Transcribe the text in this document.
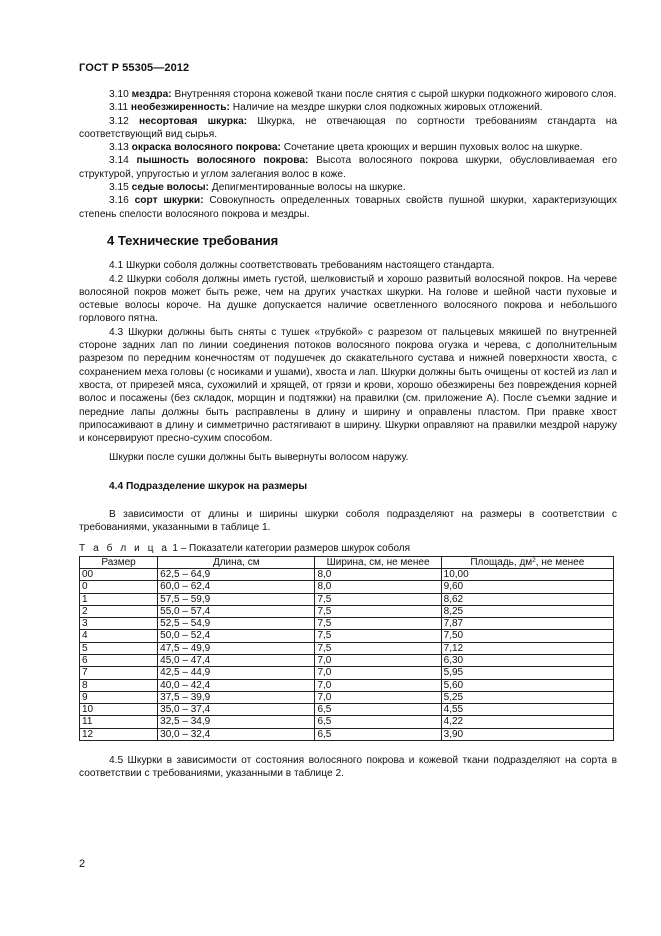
ГОСТ Р 55305—2012

3.10 мездра: Внутренняя сторона кожевой ткани после снятия с сырой шкурки подкожного жирового слоя.

3.11 необезжиренность: Наличие на мездре шкурки слоя подкожных жировых отложений.

3.12 несортовая шкурка: Шкурка, не отвечающая по сортности требованиям стандарта на соответствующий вид сырья.

3.13 окраска волосяного покрова: Сочетание цвета кроющих и вершин пуховых волос на шкурке.

3.14 пышность волосяного покрова: Высота волосяного покрова шкурки, обусловливаемая его структурой, упругостью и углом залегания волос в коже.

3.15 седые волосы: Депигментированные волосы на шкурке.

3.16 сорт шкурки: Совокупность определенных товарных свойств пушной шкурки, характеризующих степень спелости волосяного покрова и мездры.

4 Технические требования

4.1 Шкурки соболя должны соответствовать требованиям настоящего стандарта.

4.2 Шкурки соболя должны иметь густой, шелковистый и хорошо развитый волосяной покров. На череве волосяной покров может быть реже, чем на других участках шкурки. На голове и шейной части пуховые и остевые волосы короче. На душке допускается наличие осветленного волосяного покрова и небольшого горлового пятна.

4.3 Шкурки должны быть сняты с тушек «трубкой» с разрезом от пальцевых мякишей по внутренней стороне задних лап по линии соединения потоков волосяного покрова огузка и черева, с дополнительным разрезом по передним конечностям от подушечек до скакательного сустава и нижней поверхности хвоста, с сохранением меха головы (с носиками и ушами), хвоста и лап. Шкурки должны быть очищены от костей из лап и хвоста, от прирезей мяса, сухожилий и хрящей, от грязи и крови, хорошо обезжирены без повреждения корней волос и посажены (без складок, морщин и подтяжки) на правилки (см. приложение А). После съемки задние и передние лапы должны быть расправлены в длину и ширину и оправлены пластом. При правке хвост припосаживают в длину и симметрично растягивают в ширину. Шкурки оправляют на правилки мездрой наружу и консервируют пресно-сухим способом.

Шкурки после сушки должны быть вывернуты волосом наружу.

4.4 Подразделение шкурок на размеры

В зависимости от длины и ширины шкурки соболя подразделяют на размеры в соответствии с требованиями, указанными в таблице 1.

Т а б л и ц а 1 – Показатели категории размеров шкурок соболя
Размер	Длина, см	Ширина, см, не менее	Площадь, $дм^2$, не менее
00	62,5 – 64,9	8,0	10,00
0	60,0 – 62,4	8,0	9,60
1	57,5 – 59,9	7,5	8,62
2	55,0 – 57,4	7,5	8,25
3	52,5 – 54,9	7,5	7,87
4	50,0 – 52,4	7,5	7,50
5	47,5 – 49,9	7,5	7,12
6	45,0 – 47,4	7,0	6,30
7	42,5 – 44,9	7,0	5,95
8	40,0 – 42,4	7,0	5,60
9	37,5 – 39,9	7,0	5,25
10	35,0 – 37,4	6,5	4,55
11	32,5 – 34,9	6,5	4,22
12	30,0 – 32,4	6,5	3,90

4.5 Шкурки в зависимости от состояния волосяного покрова и кожевой ткани подразделяют на сорта в соответствии с требованиями, указанными в таблице 2.

2
